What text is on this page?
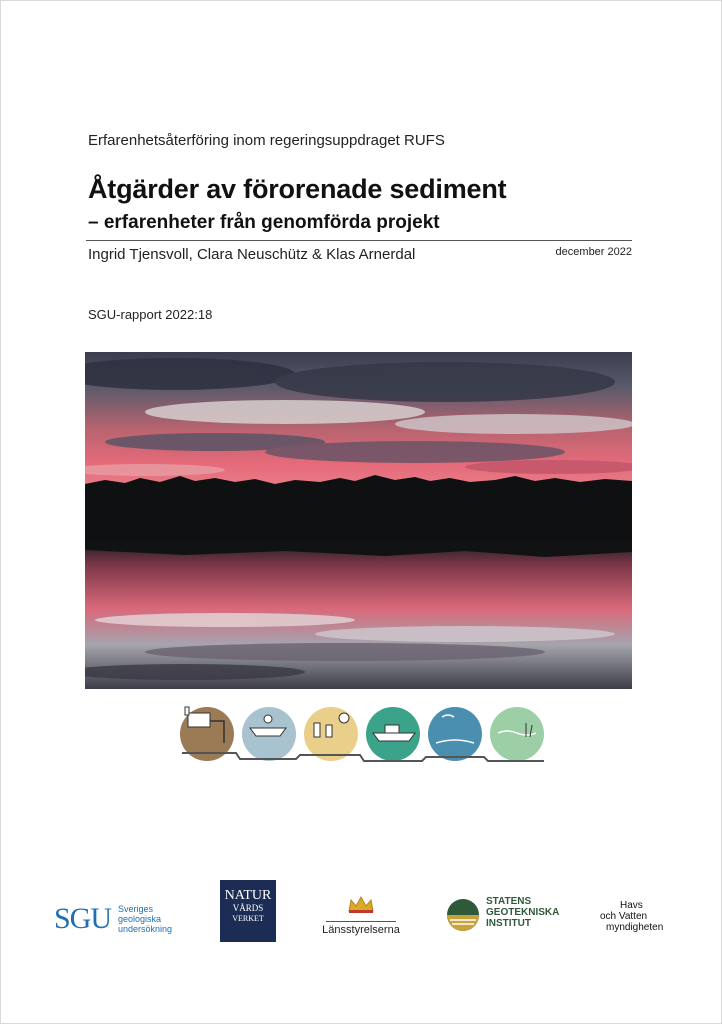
Erfarenhetsåterföring inom regeringsuppdraget RUFS
Åtgärder av förorenade sediment
– erfarenheter från genomförda projekt
Ingrid Tjensvoll, Clara Neuschütz & Klas Arnerdal	december 2022
SGU-rapport 2022:18
SGU Sveriges
geologiska
undersökning
NATUR
VÅRDS
VERKET
Länsstyrelserna
STATENS
GEOTEKNISKA
INSTITUT
Havs
och Vatten
myndigheten
